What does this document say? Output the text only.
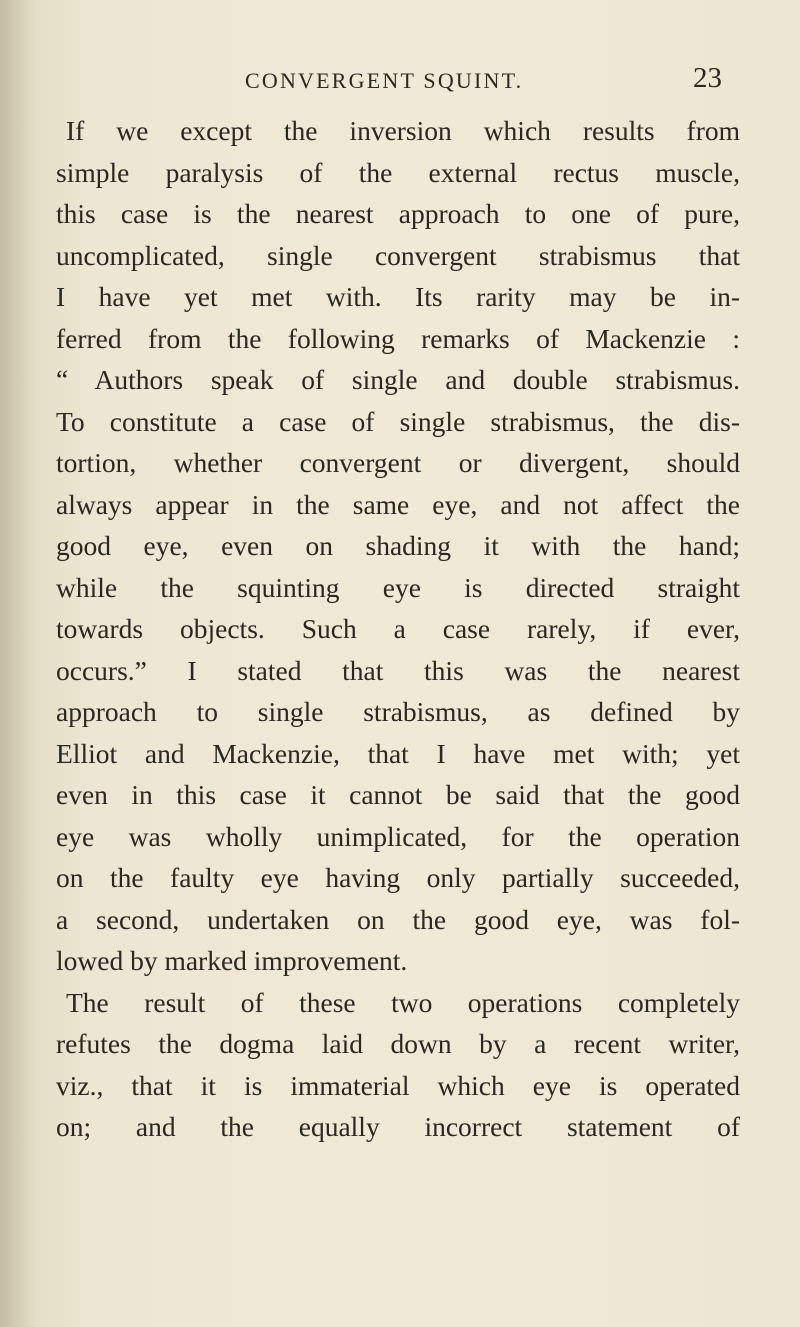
CONVERGENT SQUINT.	23
If we except the inversion which results from
simple paralysis of the external rectus muscle,
this case is the nearest approach to one of pure,
uncomplicated, single convergent strabismus that
I have yet met with. Its rarity may be in-
ferred from the following remarks of Mackenzie :
“ Authors speak of single and double strabismus.
To constitute a case of single strabismus, the dis-
tortion, whether convergent or divergent, should
always appear in the same eye, and not affect the
good eye, even on shading it with the hand;
while the squinting eye is directed straight
towards objects. Such a case rarely, if ever,
occurs.” I stated that this was the nearest
approach to single strabismus, as defined by
Elliot and Mackenzie, that I have met with; yet
even in this case it cannot be said that the good
eye was wholly unimplicated, for the operation
on the faulty eye having only partially succeeded,
a second, undertaken on the good eye, was fol-
lowed by marked improvement.
The result of these two operations completely
refutes the dogma laid down by a recent writer,
viz., that it is immaterial which eye is operated
on; and the equally incorrect statement of
